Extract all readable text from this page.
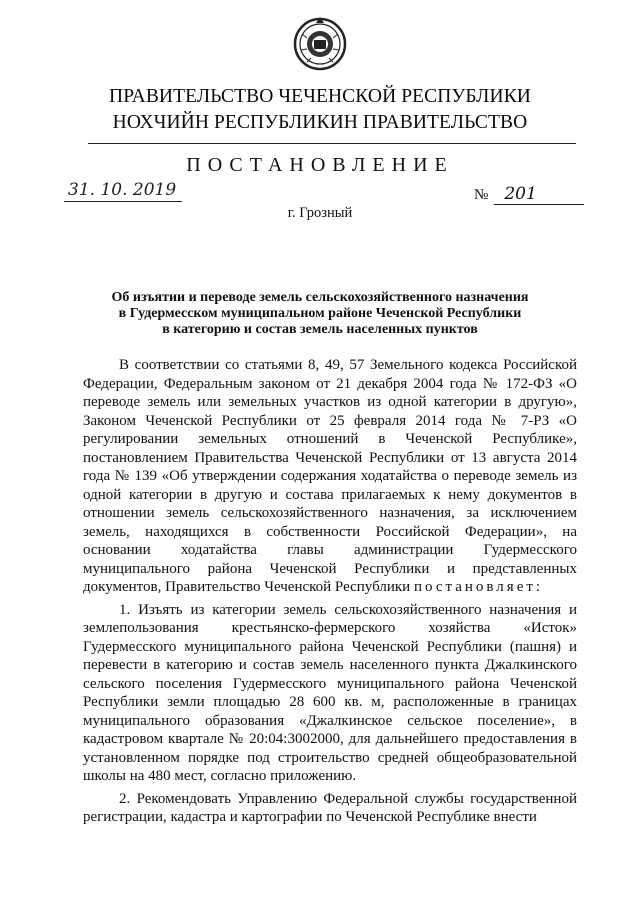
ПРАВИТЕЛЬСТВО ЧЕЧЕНСКОЙ РЕСПУБЛИКИ
НОХЧИЙН РЕСПУБЛИКИН ПРАВИТЕЛЬСТВО
ПОСТАНОВЛЕНИЕ
31. 10. 2019	№ 201
г. Грозный
Об изъятии и переводе земель сельскохозяйственного назначения
в Гудермесском муниципальном районе Чеченской Республики
в категорию и состав земель населенных пунктов

В соответствии со статьями 8, 49, 57 Земельного кодекса Российской Федерации, Федеральным законом от 21 декабря 2004 года № 172-ФЗ «О переводе земель или земельных участков из одной категории в другую», Законом Чеченской Республики от 25 февраля 2014 года № 7-РЗ «О регулировании земельных отношений в Чеченской Республике», постановлением Правительства Чеченской Республики от 13 августа 2014 года № 139 «Об утверждении содержания ходатайства о переводе земель из одной категории в другую и состава прилагаемых к нему документов в отношении земель сельскохозяйственного назначения, за исключением земель, находящихся в собственности Российской Федерации», на основании ходатайства главы администрации Гудермесского муниципального района Чеченской Республики и представленных документов, Правительство Чеченской Республики постановляет:

1. Изъять из категории земель сельскохозяйственного назначения и землепользования крестьянско-фермерского хозяйства «Исток» Гудермесского муниципального района Чеченской Республики (пашня) и перевести в категорию и состав земель населенного пункта Джалкинского сельского поселения Гудермесского муниципального района Чеченской Республики земли площадью 28 600 кв. м, расположенные в границах муниципального образования «Джалкинское сельское поселение», в кадастровом квартале № 20:04:3002000, для дальнейшего предоставления в установленном порядке под строительство средней общеобразовательной школы на 480 мест, согласно приложению.

2. Рекомендовать Управлению Федеральной службы государственной регистрации, кадастра и картографии по Чеченской Республике внести
